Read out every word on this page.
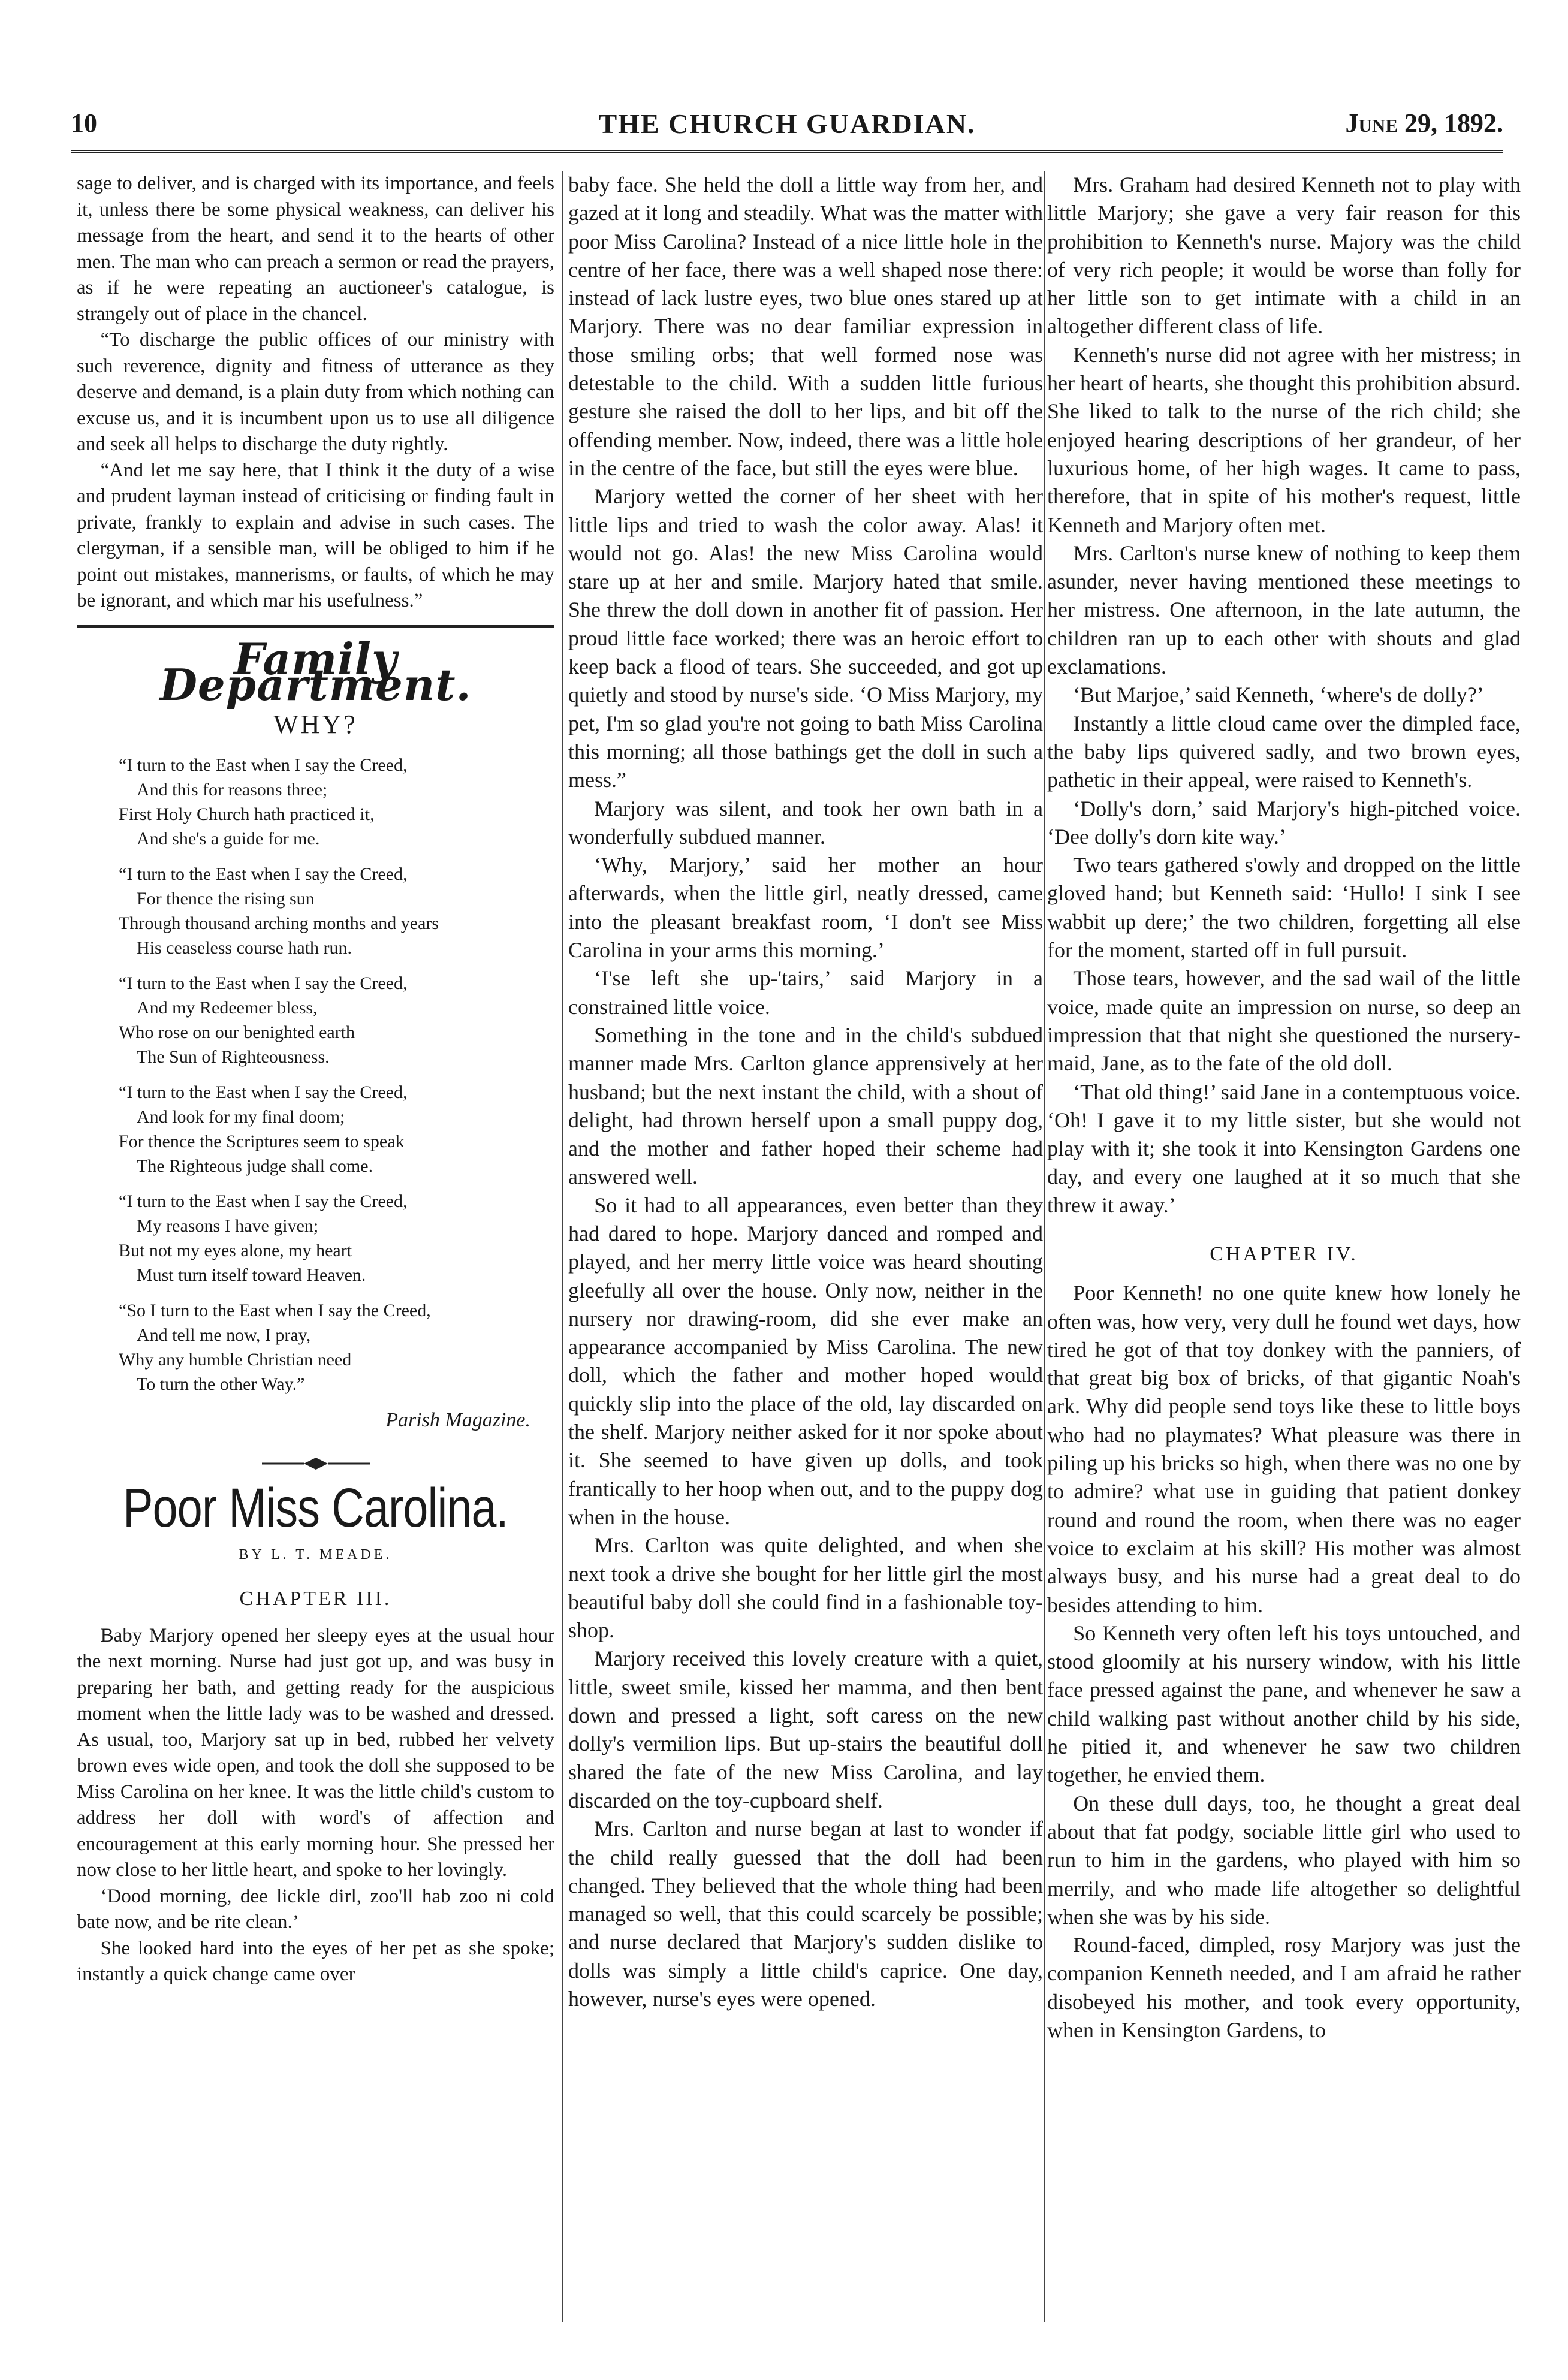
10	THE CHURCH GUARDIAN.	June 29, 1892.

sage to deliver, and is charged with its importance, and feels it, unless there be some physical weakness, can deliver his message from the heart, and send it to the hearts of other men. The man who can preach a sermon or read the prayers, as if he were repeating an auctioneer's catalogue, is strangely out of place in the chancel.

“To discharge the public offices of our ministry with such reverence, dignity and fitness of utterance as they deserve and demand, is a plain duty from which nothing can excuse us, and it is incumbent upon us to use all diligence and seek all helps to discharge the duty rightly.

“And let me say here, that I think it the duty of a wise and prudent layman instead of criticising or finding fault in private, frankly to explain and advise in such cases. The clergyman, if a sensible man, will be obliged to him if he point out mistakes, mannerisms, or faults, of which he may be ignorant, and which mar his usefulness.”

Family Department.
WHY?
“I turn to the East when I say the Creed,
And this for reasons three;
First Holy Church hath practiced it,
And she's a guide for me.
“I turn to the East when I say the Creed,
For thence the rising sun
Through thousand arching months and years
His ceaseless course hath run.
“I turn to the East when I say the Creed,
And my Redeemer bless,
Who rose on our benighted earth
The Sun of Righteousness.
“I turn to the East when I say the Creed,
And look for my final doom;
For thence the Scriptures seem to speak
The Righteous judge shall come.
“I turn to the East when I say the Creed,
My reasons I have given;
But not my eyes alone, my heart
Must turn itself toward Heaven.
“So I turn to the East when I say the Creed,
And tell me now, I pray,
Why any humble Christian need
To turn the other Way.”
Parish Magazine.
Poor Miss Carolina.
BY L. T. MEADE.
CHAPTER III.

Baby Marjory opened her sleepy eyes at the usual hour the next morning. Nurse had just got up, and was busy in preparing her bath, and getting ready for the auspicious moment when the little lady was to be washed and dressed. As usual, too, Marjory sat up in bed, rubbed her velvety brown eves wide open, and took the doll she supposed to be Miss Carolina on her knee. It was the little child's custom to address her doll with word's of affection and encouragement at this early morning hour. She pressed her now close to her little heart, and spoke to her lovingly.

‘Dood morning, dee lickle dirl, zoo'll hab zoo ni cold bate now, and be rite clean.’

She looked hard into the eyes of her pet as she spoke; instantly a quick change came over

baby face. She held the doll a little way from her, and gazed at it long and steadily. What was the matter with poor Miss Carolina? Instead of a nice little hole in the centre of her face, there was a well shaped nose there: instead of lack lustre eyes, two blue ones stared up at Marjory. There was no dear familiar expression in those smiling orbs; that well formed nose was detestable to the child. With a sudden little furious gesture she raised the doll to her lips, and bit off the offending member. Now, indeed, there was a little hole in the centre of the face, but still the eyes were blue.

Marjory wetted the corner of her sheet with her little lips and tried to wash the color away. Alas! it would not go. Alas! the new Miss Carolina would stare up at her and smile. Marjory hated that smile. She threw the doll down in another fit of passion. Her proud little face worked; there was an heroic effort to keep back a flood of tears. She succeeded, and got up quietly and stood by nurse's side. ‘O Miss Marjory, my pet, I'm so glad you're not going to bath Miss Carolina this morning; all those bathings get the doll in such a mess.”

Marjory was silent, and took her own bath in a wonderfully subdued manner.

‘Why, Marjory,’ said her mother an hour afterwards, when the little girl, neatly dressed, came into the pleasant breakfast room, ‘I don't see Miss Carolina in your arms this morning.’

‘I'se left she up-'tairs,’ said Marjory in a constrained little voice.

Something in the tone and in the child's subdued manner made Mrs. Carlton glance apprensively at her husband; but the next instant the child, with a shout of delight, had thrown herself upon a small puppy dog, and the mother and father hoped their scheme had answered well.

So it had to all appearances, even better than they had dared to hope. Marjory danced and romped and played, and her merry little voice was heard shouting gleefully all over the house. Only now, neither in the nursery nor drawing-room, did she ever make an appearance accompanied by Miss Carolina. The new doll, which the father and mother hoped would quickly slip into the place of the old, lay discarded on the shelf. Marjory neither asked for it nor spoke about it. She seemed to have given up dolls, and took frantically to her hoop when out, and to the puppy dog when in the house.

Mrs. Carlton was quite delighted, and when she next took a drive she bought for her little girl the most beautiful baby doll she could find in a fashionable toy-shop.

Marjory received this lovely creature with a quiet, little, sweet smile, kissed her mamma, and then bent down and pressed a light, soft caress on the new dolly's vermilion lips. But up-stairs the beautiful doll shared the fate of the new Miss Carolina, and lay discarded on the toy-cupboard shelf.

Mrs. Carlton and nurse began at last to wonder if the child really guessed that the doll had been changed. They believed that the whole thing had been managed so well, that this could scarcely be possible; and nurse declared that Marjory's sudden dislike to dolls was simply a little child's caprice. One day, however, nurse's eyes were opened.

Mrs. Graham had desired Kenneth not to play with little Marjory; she gave a very fair reason for this prohibition to Kenneth's nurse. Majory was the child of very rich people; it would be worse than folly for her little son to get intimate with a child in an altogether different class of life.

Kenneth's nurse did not agree with her mistress; in her heart of hearts, she thought this prohibition absurd. She liked to talk to the nurse of the rich child; she enjoyed hearing descriptions of her grandeur, of her luxurious home, of her high wages. It came to pass, therefore, that in spite of his mother's request, little Kenneth and Marjory often met.

Mrs. Carlton's nurse knew of nothing to keep them asunder, never having mentioned these meetings to her mistress. One afternoon, in the late autumn, the children ran up to each other with shouts and glad exclamations.

‘But Marjoe,’ said Kenneth, ‘where's de dolly?’

Instantly a little cloud came over the dimpled face, the baby lips quivered sadly, and two brown eyes, pathetic in their appeal, were raised to Kenneth's.

‘Dolly's dorn,’ said Marjory's high-pitched voice. ‘Dee dolly's dorn kite way.’

Two tears gathered s'owly and dropped on the little gloved hand; but Kenneth said: ‘Hullo! I sink I see wabbit up dere;’ the two children, forgetting all else for the moment, started off in full pursuit.

Those tears, however, and the sad wail of the little voice, made quite an impression on nurse, so deep an impression that that night she questioned the nursery-maid, Jane, as to the fate of the old doll.

‘That old thing!’ said Jane in a contemptuous voice. ‘Oh! I gave it to my little sister, but she would not play with it; she took it into Kensington Gardens one day, and every one laughed at it so much that she threw it away.’

CHAPTER IV.

Poor Kenneth! no one quite knew how lonely he often was, how very, very dull he found wet days, how tired he got of that toy donkey with the panniers, of that great big box of bricks, of that gigantic Noah's ark. Why did people send toys like these to little boys who had no playmates? What pleasure was there in piling up his bricks so high, when there was no one by to admire? what use in guiding that patient donkey round and round the room, when there was no eager voice to exclaim at his skill? His mother was almost always busy, and his nurse had a great deal to do besides attending to him.

So Kenneth very often left his toys untouched, and stood gloomily at his nursery window, with his little face pressed against the pane, and whenever he saw a child walking past without another child by his side, he pitied it, and whenever he saw two children together, he envied them.

On these dull days, too, he thought a great deal about that fat podgy, sociable little girl who used to run to him in the gardens, who played with him so merrily, and who made life altogether so delightful when she was by his side.

Round-faced, dimpled, rosy Marjory was just the companion Kenneth needed, and I am afraid he rather disobeyed his mother, and took every opportunity, when in Kensington Gardens, to
